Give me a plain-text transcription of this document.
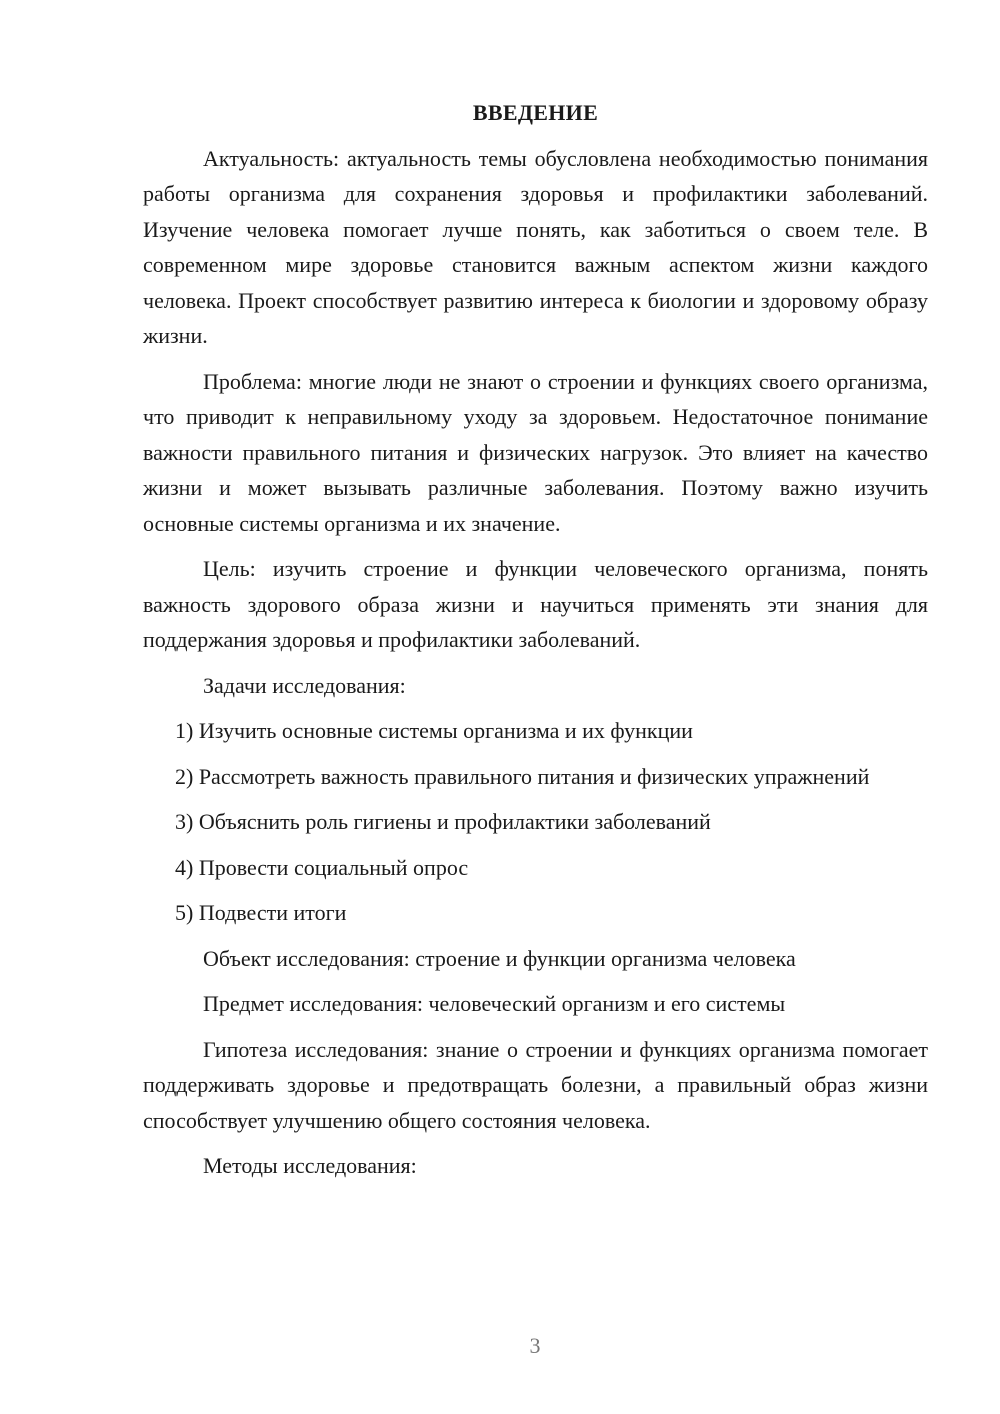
ВВЕДЕНИЕ

Актуальность: актуальность темы обусловлена необходимостью понимания работы организма для сохранения здоровья и профилактики заболеваний. Изучение человека помогает лучше понять, как заботиться о своем теле. В современном мире здоровье становится важным аспектом жизни каждого человека. Проект способствует развитию интереса к биологии и здоровому образу жизни.

Проблема: многие люди не знают о строении и функциях своего организма, что приводит к неправильному уходу за здоровьем. Недостаточное понимание важности правильного питания и физических нагрузок. Это влияет на качество жизни и может вызывать различные заболевания. Поэтому важно изучить основные системы организма и их значение.

Цель: изучить строение и функции человеческого организма, понять важность здорового образа жизни и научиться применять эти знания для поддержания здоровья и профилактики заболеваний.

Задачи исследования:

1) Изучить основные системы организма и их функции

2) Рассмотреть важность правильного питания и физических упражнений

3) Объяснить роль гигиены и профилактики заболеваний

4) Провести социальный опрос

5) Подвести итоги

Объект исследования: строение и функции организма человека

Предмет исследования: человеческий организм и его системы

Гипотеза исследования: знание о строении и функциях организма помогает поддерживать здоровье и предотвращать болезни, а правильный образ жизни способствует улучшению общего состояния человека.

Методы исследования:

3
